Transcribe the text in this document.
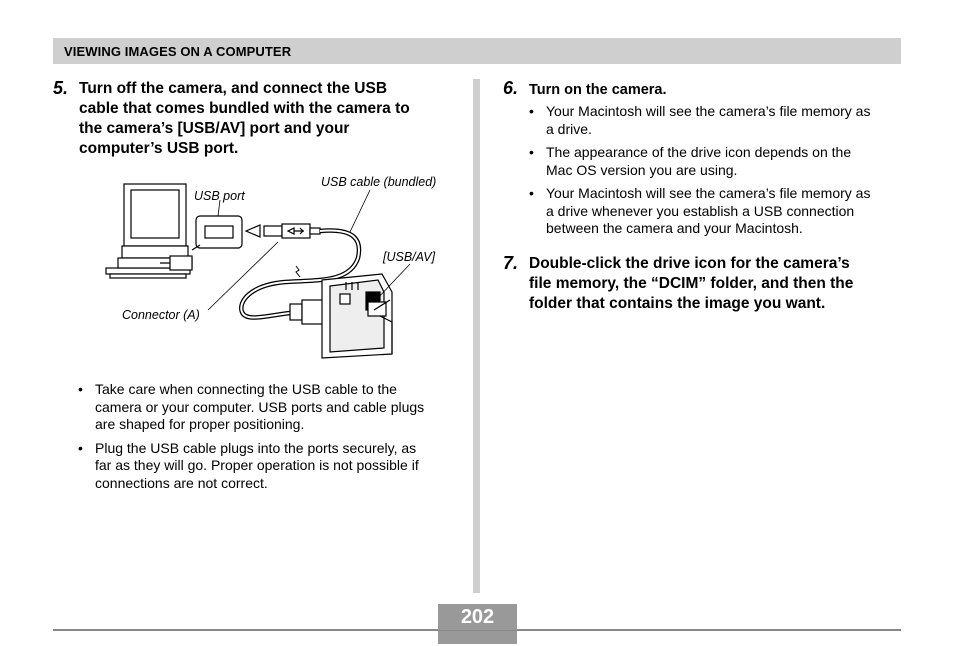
VIEWING IMAGES ON A COMPUTER
5. Turn off the camera, and connect the USB
cable that comes bundled with the camera to
the camera’s [USB/AV] port and your
computer’s USB port.
USB port
USB cable (bundled)
[USB/AV]
Connector (A)
• Take care when connecting the USB cable to the
camera or your computer. USB ports and cable plugs
are shaped for proper positioning.
• Plug the USB cable plugs into the ports securely, as
far as they will go. Proper operation is not possible if
connections are not correct.
6. Turn on the camera.
• Your Macintosh will see the camera’s file memory as
a drive.
• The appearance of the drive icon depends on the
Mac OS version you are using.
• Your Macintosh will see the camera’s file memory as
a drive whenever you establish a USB connection
between the camera and your Macintosh.
7. Double-click the drive icon for the camera’s
file memory, the “DCIM” folder, and then the
folder that contains the image you want.
202
